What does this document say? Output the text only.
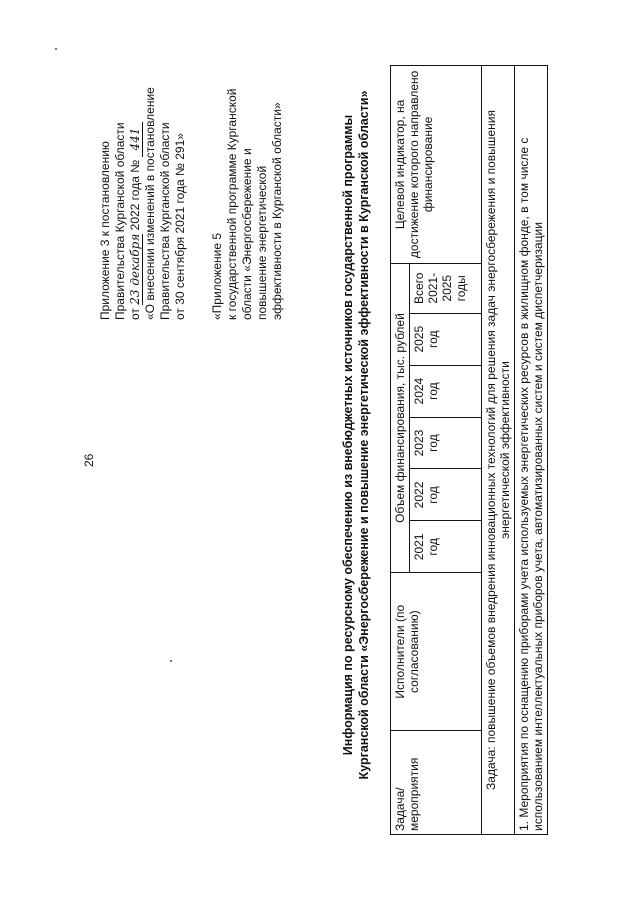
26
Приложение 3 к постановлению Правительства Курганской области от 23 декабря 2022 года № 441 «О внесении изменений в постановление Правительства Курганской области от 30 сентября 2021 года № 291» «Приложение 5 к государственной программе Курганской области «Энергосбережение и повышение энергетической эффективности в Курганской области»	Информация по ресурсному обеспечению из внебюджетных источников государственной программы Курганской области «Энергосбережение и повышение энергетической эффективности в Курганской области»
Задача/мероприятия	Исполнители (по согласованию)	Объем финансирования, тыс. рублей						Целевой индикатор, на достижение которого направлено финансирование
		2021 год	2022 год	2023 год	2024 год	2025 год	Всего 2021-2025 годы	
Задача: повышение объемов внедрения инновационных технологий для решения задач энергосбережения и повышения энергетической эффективности								
1. Мероприятия по оснащению приборами учета используемых энергетических ресурсов в жилищном фонде, в том числе с использованием интеллектуальных приборов учета, автоматизированных систем и систем диспетчеризации								
